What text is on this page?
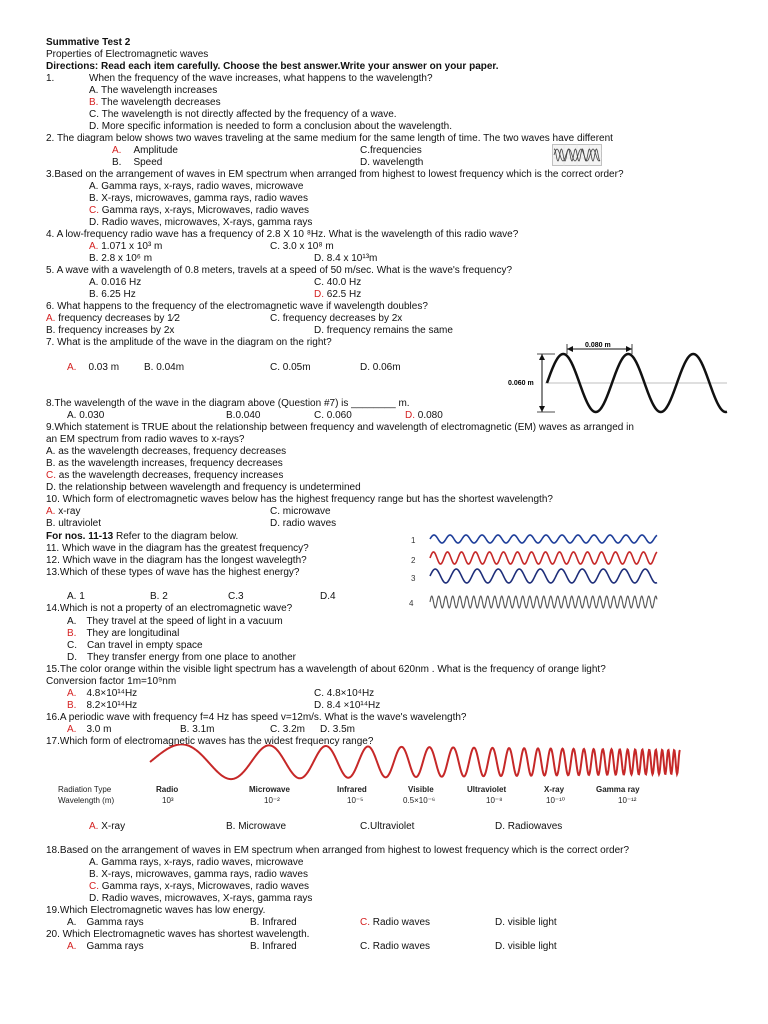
Summative Test 2
Properties of Electromagnetic waves
Directions: Read each item carefully. Choose the best answer.Write your answer on your paper.
1.	When the frequency of the wave increases, what happens to the wavelength?
A. The wavelength increases
B. The wavelength decreases
C. The wavelength is not directly affected by the frequency of a wave.
D. More specific information is needed to form a conclusion about the wavelength.
2. The diagram below shows two waves traveling at the same medium for the same length of time. The two waves have different
A. Amplitude
B. Speed
C.frequencies
D. wavelength
3.Based on the arrangement of waves in EM spectrum when arranged from highest to lowest frequency which is the correct order?
A. Gamma rays, x-rays, radio waves, microwave
B. X-rays, microwaves, gamma rays, radio waves
C. Gamma rays, x-rays, Microwaves, radio waves
D. Radio waves, microwaves, X-rays, gamma rays
4. A low-frequency radio wave has a frequency of 2.8 X 10 ⁸Hz. What is the wavelength of this radio wave?
A. 1.071 x 10³ m
B. 2.8 x 10⁶ m
C. 3.0 x 10⁸ m
D. 8.4 x 10¹³m
5. A wave with a wavelength of 0.8 meters, travels at a speed of 50 m/sec. What is the wave's frequency?
A. 0.016 Hz
B. 6.25 Hz
C. 40.0 Hz
D. 62.5 Hz
6. What happens to the frequency of the electromagnetic wave if wavelength doubles?
A. frequency decreases by 1⁄2
B. frequency increases by 2x
C. frequency decreases by 2x
D. frequency remains the same
7. What is the amplitude of the wave in the diagram on the right?
A. 0.03 m B. 0.04m	C. 0.05m	D. 0.06m
0.080 m
0.060 m
8.The wavelength of the wave in the diagram above (Question #7) is ________ m.
A. 0.030	B.0.040	C. 0.060	D. 0.080
9.Which statement is TRUE about the relationship between frequency and wavelength of electromagnetic (EM) waves as arranged in
an EM spectrum from radio waves to x-rays?
A. as the wavelength decreases, frequency decreases
B. as the wavelength increases, frequency decreases
C. as the wavelength decreases, frequency increases
D. the relationship between wavelength and frequency is undetermined
10. Which form of electromagnetic waves below has the highest frequency range but has the shortest wavelength?
A. x-ray
B. ultraviolet
C. microwave
D. radio waves
For nos. 11-13 Refer to the diagram below.
11. Which wave in the diagram has the greatest frequency?
12. Which wave in the diagram has the longest wavelegth?
13.Which of these types of wave has the highest energy?
A. 1	B. 2	C.3	D.4
1
2
3
4
14.Which is not a property of an electromagnetic wave?
A. They travel at the speed of light in a vacuum
B. They are longitudinal
C. Can travel in empty space
D. They transfer energy from one place to another
15.The color orange within the visible light spectrum has a wavelength of about 620nm . What is the frequency of orange light?
Conversion factor 1m=10⁹nm
A. 4.8×10¹⁴Hz
B. 8.2×10¹⁴Hz
C. 4.8×10⁴Hz
D. 8.4 ×10¹⁴Hz
16.A periodic wave with frequency f=4 Hz has speed v=12m/s. What is the wave's wavelength?
A. 3.0 m	B. 3.1m	C. 3.2m D. 3.5m
17.Which form of electromagnetic waves has the widest frequency range?
Radiation Type	Radio	Microwave	Infrared	Visible	Ultraviolet	X-ray	Gamma ray
Wavelength (m)	10³	10⁻²	10⁻⁵	0.5×10⁻⁶	10⁻⁸	10⁻¹⁰	10⁻¹²
A. X-ray	B. Microwave	C.Ultraviolet	D. Radiowaves
18.Based on the arrangement of waves in EM spectrum when arranged from highest to lowest frequency which is the correct order?
A. Gamma rays, x-rays, radio waves, microwave
B. X-rays, microwaves, gamma rays, radio waves
C. Gamma rays, x-rays, Microwaves, radio waves
D. Radio waves, microwaves, X-rays, gamma rays
19.Which Electromagnetic waves has low energy.
A. Gamma rays	B. Infrared	C. Radio waves	D. visible light
20. Which Electromagnetic waves has shortest wavelength.
A. Gamma rays	B. Infrared	C. Radio waves	D. visible light
